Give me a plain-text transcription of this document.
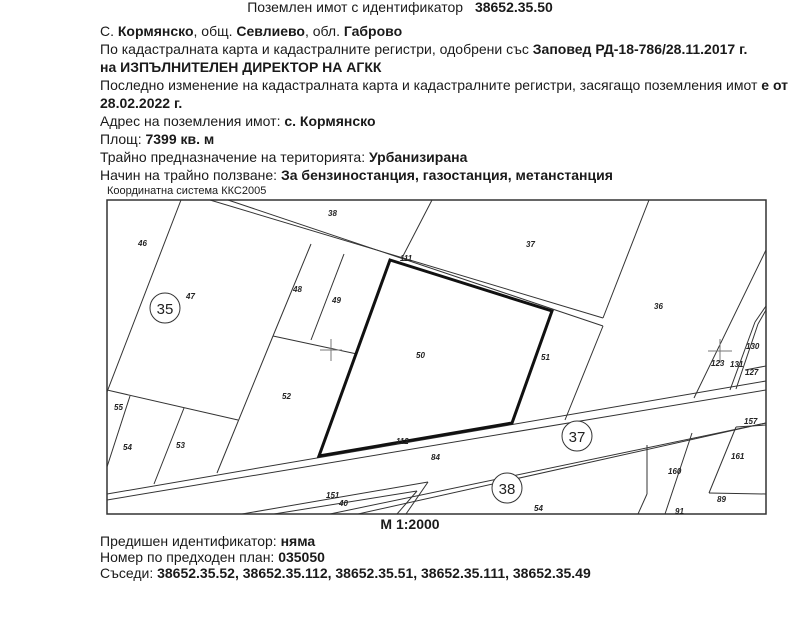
Поземлен имот с идентификатор 38652.35.50
С. Кормянско, общ. Севлиево, обл. Габрово
По кадастралната карта и кадастралните регистри, одобрени със Заповед РД-18-786/28.11.2017 г.
на ИЗПЪЛНИТЕЛЕН ДИРЕКТОР НА АГКК
Последно изменение на кадастралната карта и кадастралните регистри, засягащо поземления имот е от
28.02.2022 г.
Адрес на поземления имот: с. Кормянско
Площ: 7399 кв. м
Трайно предназначение на територията: Урбанизирана
Начин на трайно ползване: За бензиностанция, газостанция, метанстанция
Координатна система ККС2005
38
46
47
48
49
111
37
36
50	51
52
55
54	53	112
84
151
40
54
123 131
130
127
157
160
161
89
91
35
37
38
М 1:2000
Предишен идентификатор: няма
Номер по предходен план: 035050
Съседи: 38652.35.52, 38652.35.112, 38652.35.51, 38652.35.111, 38652.35.49
